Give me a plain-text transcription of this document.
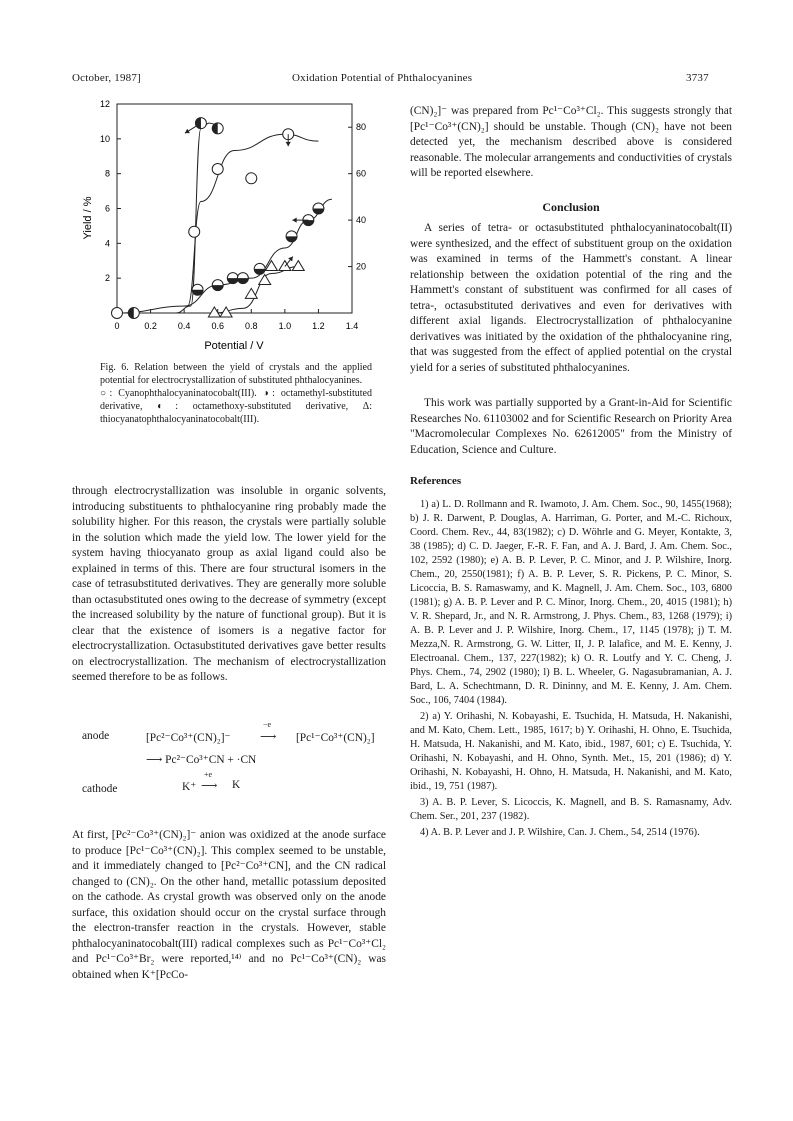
October, 1987]	Oxidation Potential of Phthalocyanines	3737
0	0.2 0.4 0.6 0.8 1.0 1.2 1.4
2
4
6
8
10
12
20
40
60
80
Yield / %
Potential / V

Fig. 6. Relation between the yield of crystals and the applied potential for electrocrystallization of substituted phthalocyanines.

○: Cyanophthalocyaninatocobalt(III). ◑: octamethyl-substituted derivative, ◐: octamethoxy-substituted derivative, Δ: thiocyanatophthalocyaninatocobalt(III).

through electrocrystallization was insoluble in organic solvents, introducing substituents to phthalocyanine ring probably made the solubility higher. For this reason, the crystals were partially soluble in the solution which made the yield low. The lower yield for the system having thiocyanato group as axial ligand could also be explained in terms of this. There are four structural isomers in the case of tetrasubstituted derivatives. They are generally more soluble than octasubstituted ones owing to the decrease of symmetry (except the increased solubility by the nature of functional group). But it is clear that the existence of isomers is a negative factor for electrocrystallization. Octasubstituted derivatives gave better results on electrocrystallization. The mechanism of electrocrystallization seemed therefore to be as follows.

anode	[Pc²⁻Co³⁺(CN)₂]⁻
−e
⟶ [Pc¹⁻Co³⁺(CN)₂]
⟶ Pc²⁻Co³⁺CN + ·CN
cathode	K⁺
+e
⟶ K

At first, [Pc²⁻Co³⁺(CN)₂]⁻ anion was oxidized at the anode surface to produce [Pc¹⁻Co³⁺(CN)₂]. This complex seemed to be unstable, and it immediately changed to [Pc²⁻Co³⁺CN], and the CN radical changed to (CN)₂. On the other hand, metallic potassium deposited on the cathode. As crystal growth was observed only on the anode surface, this oxidation should occur on the crystal surface through the electron-transfer reaction in the crystals. However, stable phthalocyaninatocobalt(III) radical complexes such as Pc¹⁻Co³⁺Cl₂ and Pc¹⁻Co³⁺Br₂ were reported,¹⁴⁾ and no Pc¹⁻Co³⁺(CN)₂ was obtained when K⁺[PcCo-

(CN)₂]⁻ was prepared from Pc¹⁻Co³⁺Cl₂. This suggests strongly that [Pc¹⁻Co³⁺(CN)₂] should be unstable. Though (CN)₂ have not been detected yet, the mechanism described above is considered reasonable. The molecular arrangements and conductivities of crystals will be reported elsewhere.

Conclusion

A series of tetra- or octasubstituted phthalocyaninatocobalt(II) were synthesized, and the effect of substituent group on the oxidation was examined in terms of the Hammett's constant. A linear relationship between the oxidation potential of the ring and the Hammett's constant of substituent was confirmed for all cases of tetra-, octasubstituted derivatives and even for derivatives with different axial ligands. Electrocrystallization of phthalocyanine derivatives was initiated by the oxidation of the phthalocyanine ring, that was suggested from the effect of applied potential on the crystal yield for a series of substituted phthalocyanines.

This work was partially supported by a Grant-in-Aid for Scientific Researches No. 61103002 and for Scientific Research on Priority Area "Macromolecular Complexes No. 62612005" from the Ministry of Education, Science and Culture.

References

1) a) L. D. Rollmann and R. Iwamoto, J. Am. Chem. Soc., 90, 1455(1968); b) J. R. Darwent, P. Douglas, A. Harriman, G. Porter, and M.-C. Richoux, Coord. Chem. Rev., 44, 83(1982); c) D. Wöhrle and G. Meyer, Kontakte, 3, 38 (1985); d) C. D. Jaeger, F.-R. F. Fan, and A. J. Bard, J. Am. Chem. Soc., 102, 2592 (1980); e) A. B. P. Lever, P. C. Minor, and J. P. Wilshire, Inorg. Chem., 20, 2550(1981); f) A. B. P. Lever, S. R. Pickens, P. C. Minor, S. Licoccia, B. S. Ramaswamy, and K. Magnell, J. Am. Chem. Soc., 103, 6800 (1981); g) A. B. P. Lever and P. C. Minor, Inorg. Chem., 20, 4015 (1981); h) V. R. Shepard, Jr., and N. R. Armstrong, J. Phys. Chem., 83, 1268 (1979); i) A. B. P. Lever and J. P. Wilshire, Inorg. Chem., 17, 1145 (1978); j) T. M. Mezza,N. R. Armstrong, G. W. Litter, II, J. P. Ialafice, and M. E. Kenny, J. Electroanal. Chem., 137, 227(1982); k) O. R. Loutfy and Y. C. Cheng, J. Phys. Chem., 74, 2902 (1980); l) B. L. Wheeler, G. Nagasubramanian, A. J. Bard, L. A. Schechtmann, D. R. Dininny, and M. E. Kenny, J. Am. Chem. Soc., 106, 7404 (1984).

2) a) Y. Orihashi, N. Kobayashi, E. Tsuchida, H. Matsuda, H. Nakanishi, and M. Kato, Chem. Lett., 1985, 1617; b) Y. Orihashi, H. Ohno, E. Tsuchida, H. Matsuda, H. Nakanishi, and M. Kato, ibid., 1987, 601; c) E. Tsuchida, Y. Orihashi, N. Kobayashi, and H. Ohno, Synth. Met., 15, 201 (1986); d) Y. Orihashi, N. Kobayashi, H. Ohno, H. Matsuda, H. Nakanishi, and M. Kato, ibid., 19, 751 (1987).

3) A. B. P. Lever, S. Licoccis, K. Magnell, and B. S. Ramasnamy, Adv. Chem. Ser., 201, 237 (1982).

4) A. B. P. Lever and J. P. Wilshire, Can. J. Chem., 54, 2514 (1976).
